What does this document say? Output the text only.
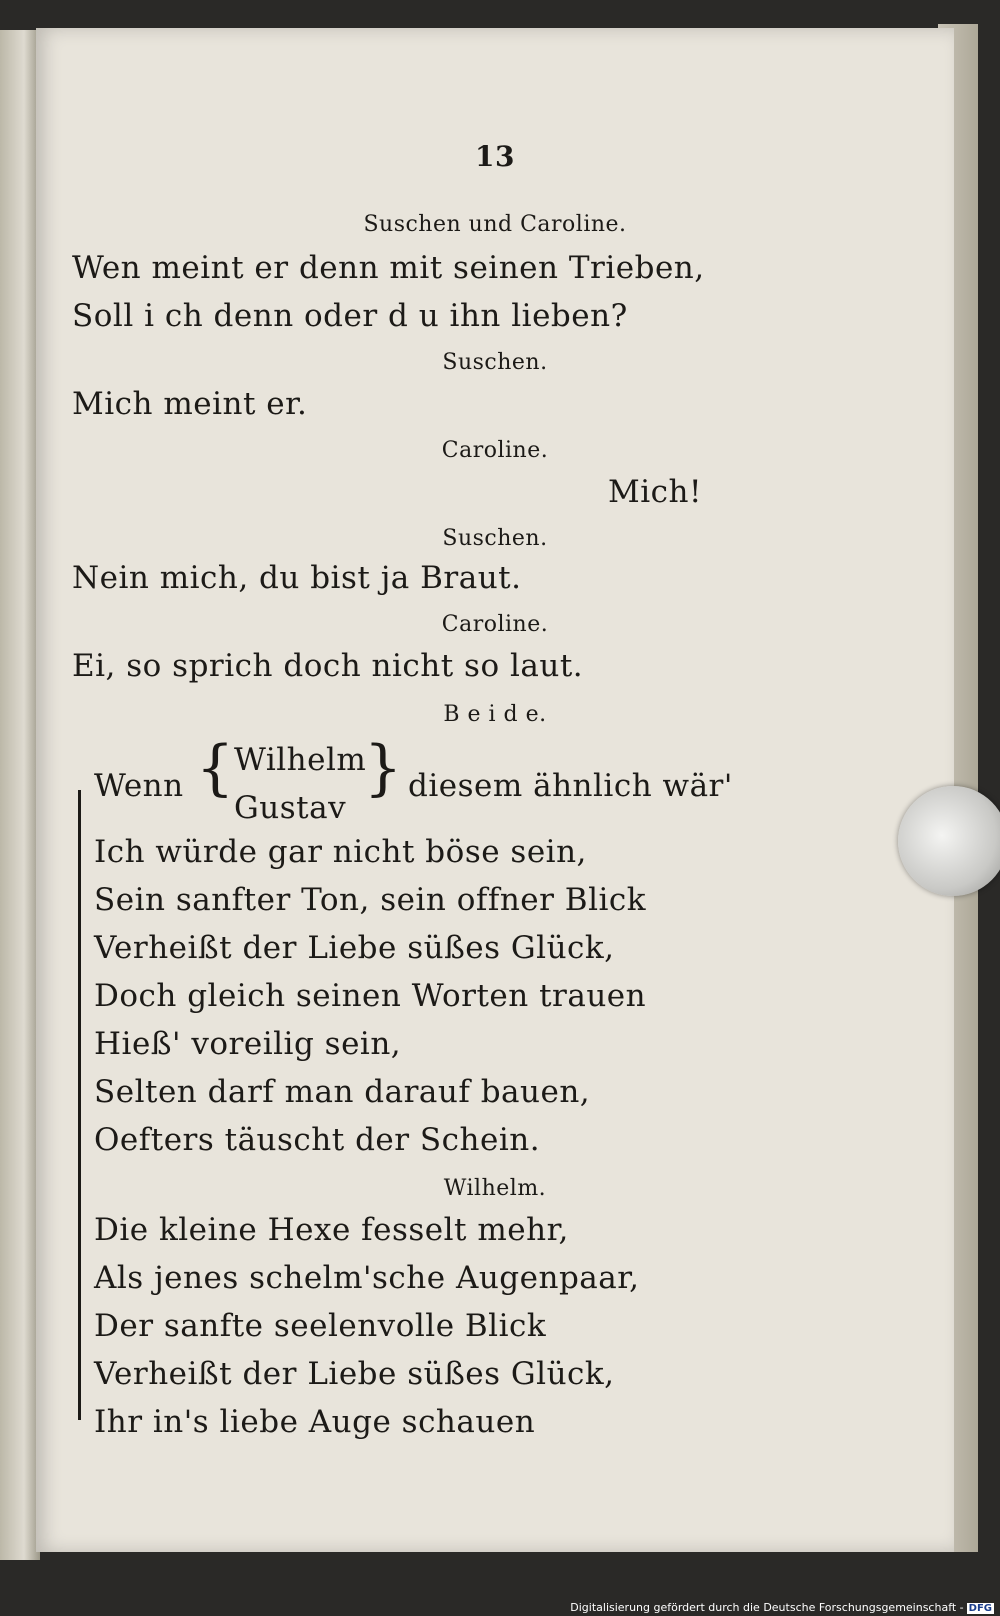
13
Suschen und Caroline.
Wen meint er denn mit seinen Trieben,
Soll i ch denn oder d u ihn lieben?
Suschen.
Mich meint er.
Caroline.
Mich!
Suschen.
Nein mich, du bist ja Braut.
Caroline.
Ei, so sprich doch nicht so laut.
B e i d e.
Wenn { Wilhelm
Gustav
} diesem ähnlich wär'
Ich würde gar nicht böse sein,
Sein sanfter Ton, sein offner Blick
Verheißt der Liebe süßes Glück,
Doch gleich seinen Worten trauen
Hieß' voreilig sein,
Selten darf man darauf bauen,
Oefters täuscht der Schein.
Wilhelm.
Die kleine Hexe fesselt mehr,
Als jenes schelm'sche Augenpaar,
Der sanfte seelenvolle Blick
Verheißt der Liebe süßes Glück,
Ihr in's liebe Auge schauen
Digitalisierung gefördert durch die Deutsche Forschungsgemeinschaft - DFG
